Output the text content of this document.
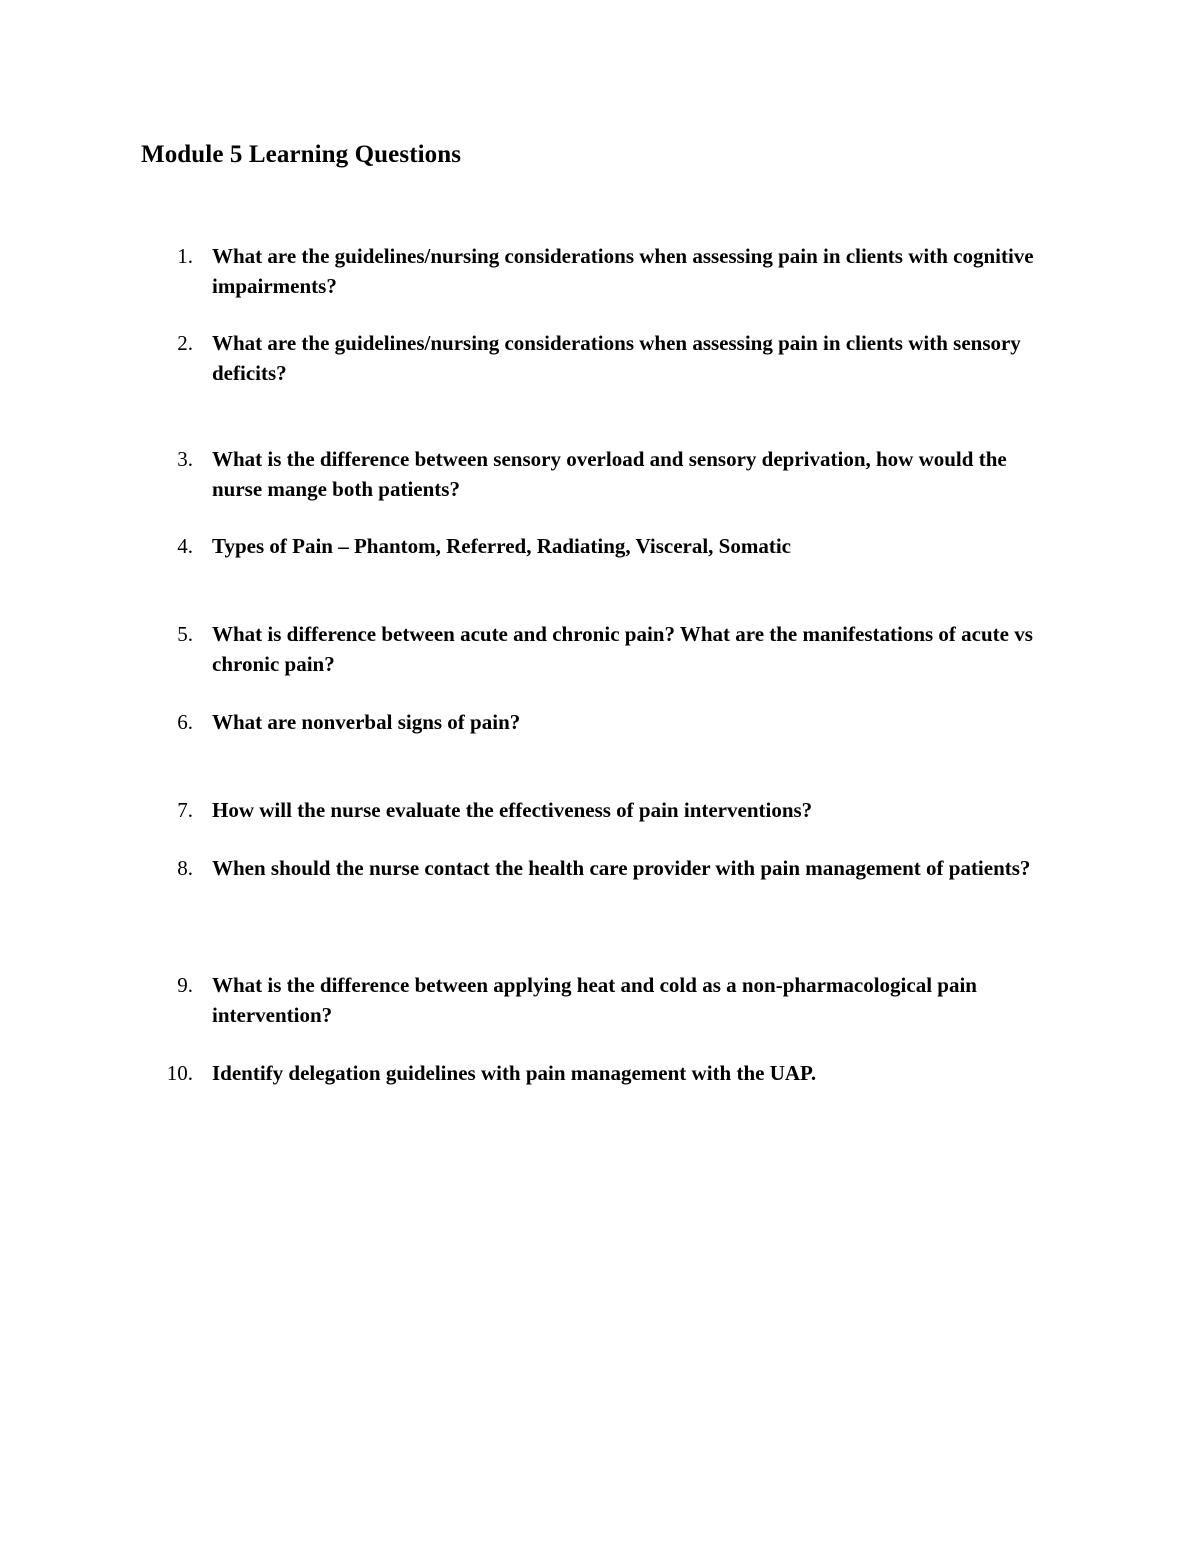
Module 5 Learning Questions
1. What are the guidelines/nursing considerations when assessing pain in clients with cognitive impairments?
2. What are the guidelines/nursing considerations when assessing pain in clients with sensory deficits?
3. What is the difference between sensory overload and sensory deprivation, how would the nurse mange both patients?
4. Types of Pain – Phantom, Referred, Radiating, Visceral, Somatic
5. What is difference between acute and chronic pain? What are the manifestations of acute vs chronic pain?
6. What are nonverbal signs of pain?
7. How will the nurse evaluate the effectiveness of pain interventions?
8. When should the nurse contact the health care provider with pain management of patients?
9. What is the difference between applying heat and cold as a non-pharmacological pain intervention?
10. Identify delegation guidelines with pain management with the UAP.
